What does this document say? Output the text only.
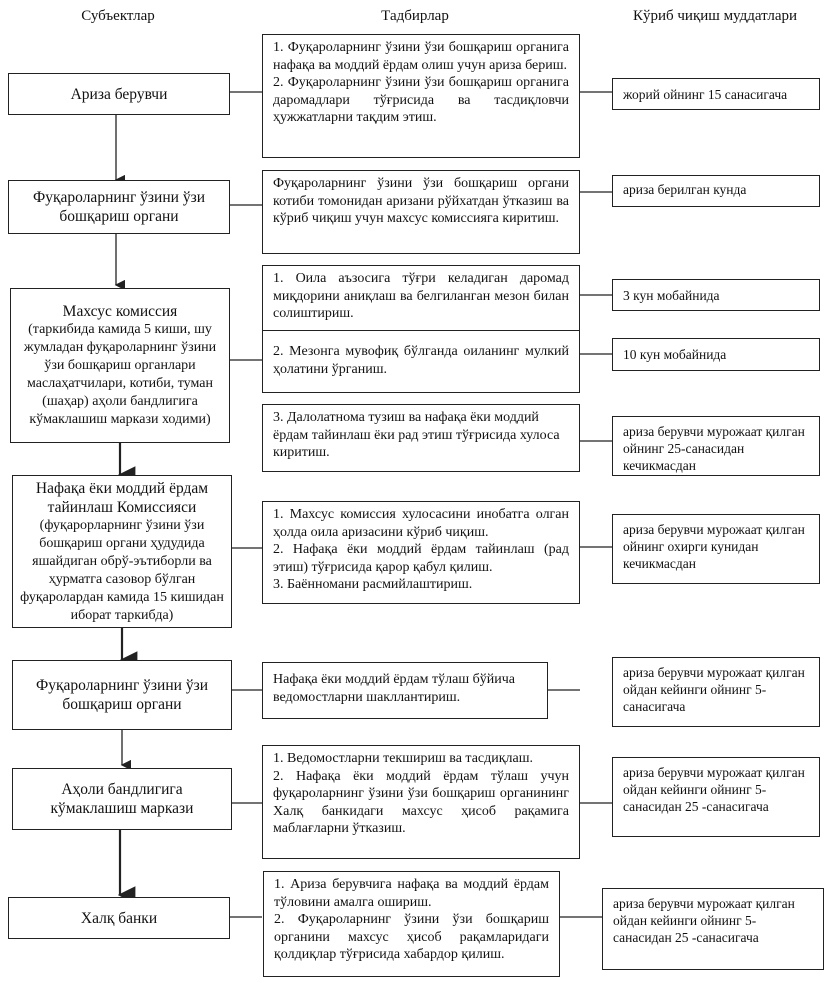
Субъектлар	Тадбирлар	Кўриб чиқиш муддатлари
Ариза берувчи

1. Фуқароларнинг ўзини ўзи бошқариш органига нафақа ва моддий ёрдам олиш учун ариза бериш.

2. Фуқароларнинг ўзини ўзи бошқариш органига даромадлари тўғрисида ва тасдиқловчи ҳужжатларни тақдим этиш.

жорий ойнинг 15 санасигача
Фуқароларнинг ўзини ўзи бошқариш органи

Фуқароларнинг ўзини ўзи бошқариш органи котиби томонидан аризани рўйхатдан ўтказиш ва кўриб чиқиш учун махсус комиссияга киритиш.

ариза берилган кунда
Махсус комиссия
(таркибида камида 5 киши, шу жумладан фуқароларнинг ўзини ўзи бошқариш органлари маслаҳатчилари, котиби, туман (шаҳар) аҳоли бандлигига кўмаклашиш маркази ходими)

1. Оила аъзосига тўғри келадиган даромад миқдорини аниқлаш ва белгиланган мезон билан солиштириш.

2. Мезонга мувофиқ бўлганда оиланинг мулкий ҳолатини ўрганиш.

3. Далолатнома тузиш ва нафақа ёки моддий ёрдам тайинлаш ёки рад этиш тўғрисида хулоса киритиш.

3 кун мобайнида
10 кун мобайнида
ариза берувчи мурожаат қилган ойнинг 25-санасидан кечикмасдан
Нафақа ёки моддий ёрдам тайинлаш Комиссияси
(фуқарорларнинг ўзини ўзи бошқариш органи ҳудудида яшайдиган обрў-эътиборли ва ҳурматга сазовор бўлган фуқаролардан камида 15 кишидан иборат таркибда)

1. Махсус комиссия хулосасини инобатга олган ҳолда оила аризасини кўриб чиқиш.

2. Нафақа ёки моддий ёрдам тайинлаш (рад этиш) тўғрисида қарор қабул қилиш.

3. Баённомани расмийлаштириш.

ариза берувчи мурожаат қилган ойнинг охирги кунидан кечикмасдан
Фуқароларнинг ўзини ўзи бошқариш органи

Нафақа ёки моддий ёрдам тўлаш бўйича ведомостларни шакллантириш.

ариза берувчи мурожаат қилган ойдан кейинги ойнинг 5-санасигача
Аҳоли бандлигига кўмаклашиш маркази

1. Ведомостларни текшириш ва тасдиқлаш.

2. Нафақа ёки моддий ёрдам тўлаш учун фуқароларнинг ўзини ўзи бошқариш органининг Халқ банкидаги махсус ҳисоб рақамига маблағларни ўтказиш.

ариза берувчи мурожаат қилган ойдан кейинги ойнинг 5-санасидан 25 -санасигача
Халқ банки

1. Ариза берувчига нафақа ва моддий ёрдам тўловини амалга ошириш.

2. Фуқароларнинг ўзини ўзи бошқариш органини махсус ҳисоб рақамларидаги қолдиқлар тўғрисида хабардор қилиш.

ариза берувчи мурожаат қилган ойдан кейинги ойнинг 5-санасидан 25 -санасигача
